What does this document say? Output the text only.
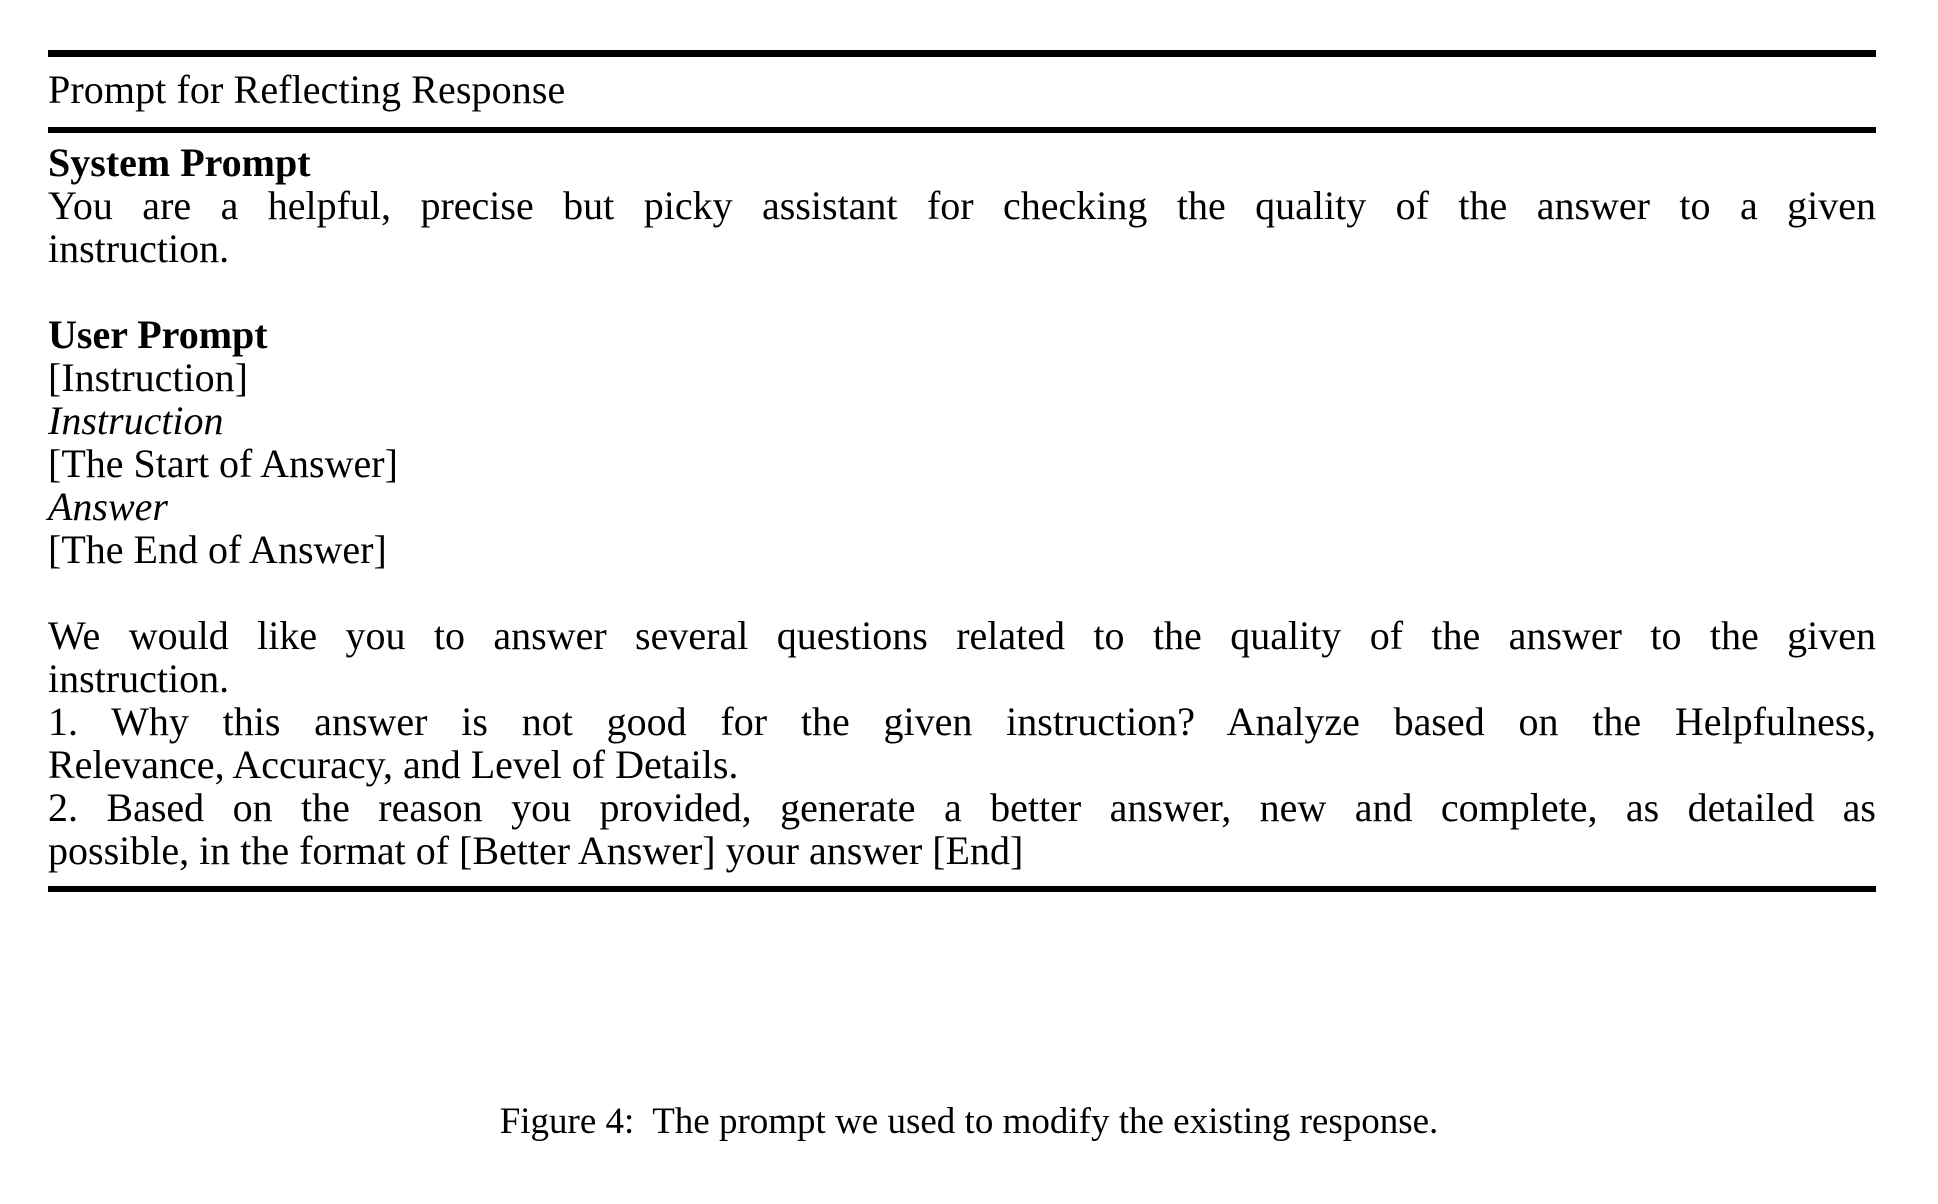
Prompt for Reflecting Response
System Prompt
You are a helpful, precise but picky assistant for checking the quality of the answer to a given
instruction.
User Prompt
[Instruction]
Instruction
[The Start of Answer]
Answer
[The End of Answer]
We would like you to answer several questions related to the quality of the answer to the given
instruction.
1. Why this answer is not good for the given instruction? Analyze based on the Helpfulness,
Relevance, Accuracy, and Level of Details.
2. Based on the reason you provided, generate a better answer, new and complete, as detailed as
possible, in the format of [Better Answer] your answer [End]
Figure 4: The prompt we used to modify the existing response.
